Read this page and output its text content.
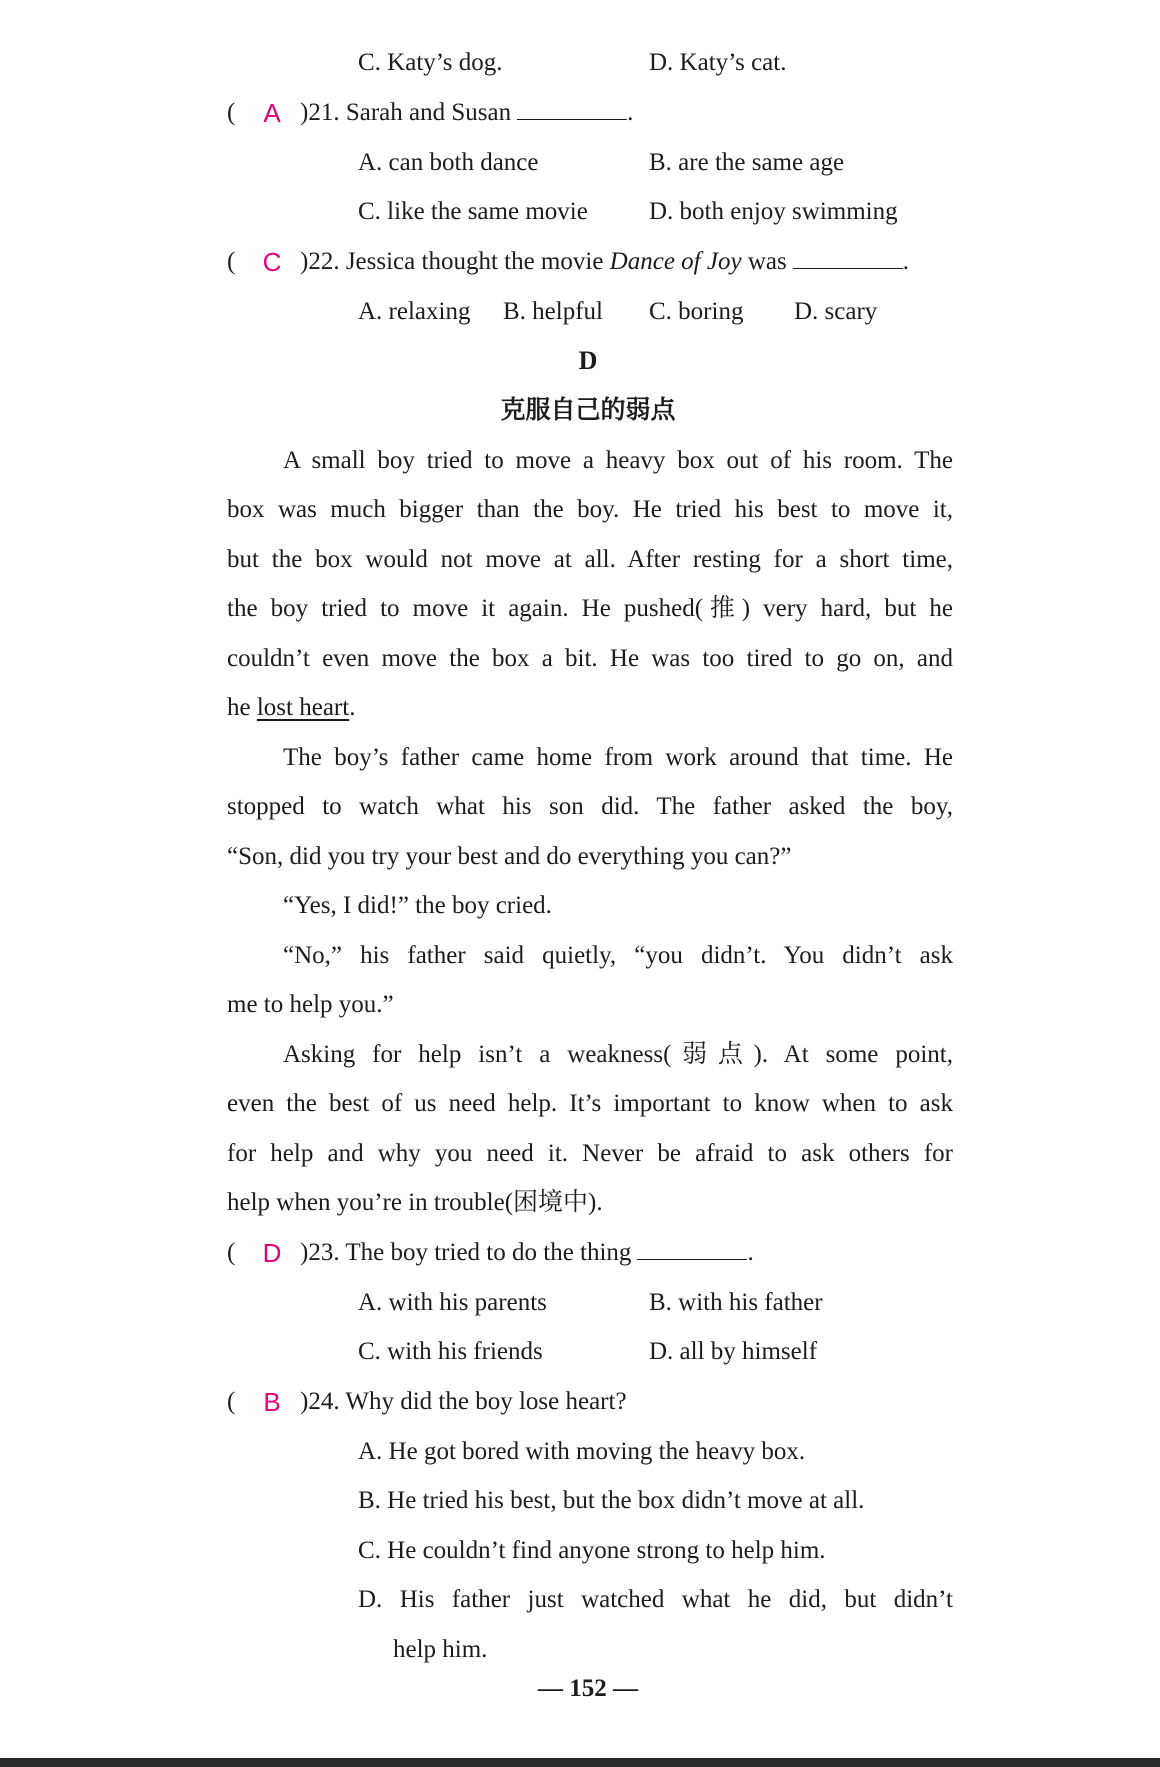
C. Katy’s dog.	D. Katy’s cat.
(	A )21. Sarah and Susan	.
A. can both dance	B. are the same age
C. like the same movie D. both enjoy swimming
(	C )22. Jessica thought the movie Dance of Joy was	.
A. relaxing B. helpful C. boring D. scary
D
克服自己的弱点
A small boy tried to move a heavy box out of his room. The
box was much bigger than the boy. He tried his best to move it,
but the box would not move at all. After resting for a short time,
the boy tried to move it again. He pushed(推) very hard, but he
couldn’t even move the box a bit. He was too tired to go on, and
he lost heart.
The boy’s father came home from work around that time. He
stopped to watch what his son did. The father asked the boy,
“Son, did you try your best and do everything you can?”
“Yes, I did!” the boy cried.
“No,” his father said quietly, “you didn’t. You didn’t ask
me to help you.”
Asking for help isn’t a weakness(弱点). At some point,
even the best of us need help. It’s important to know when to ask
for help and why you need it. Never be afraid to ask others for
help when you’re in trouble(困境中).
(	D )23. The boy tried to do the thing	.
A. with his parents	B. with his father
C. with his friends	D. all by himself
(	B )24. Why did the boy lose heart?
A. He got bored with moving the heavy box.
B. He tried his best, but the box didn’t move at all.
C. He couldn’t find anyone strong to help him.
D. His father just watched what he did, but didn’t
help him.
— 152 —
